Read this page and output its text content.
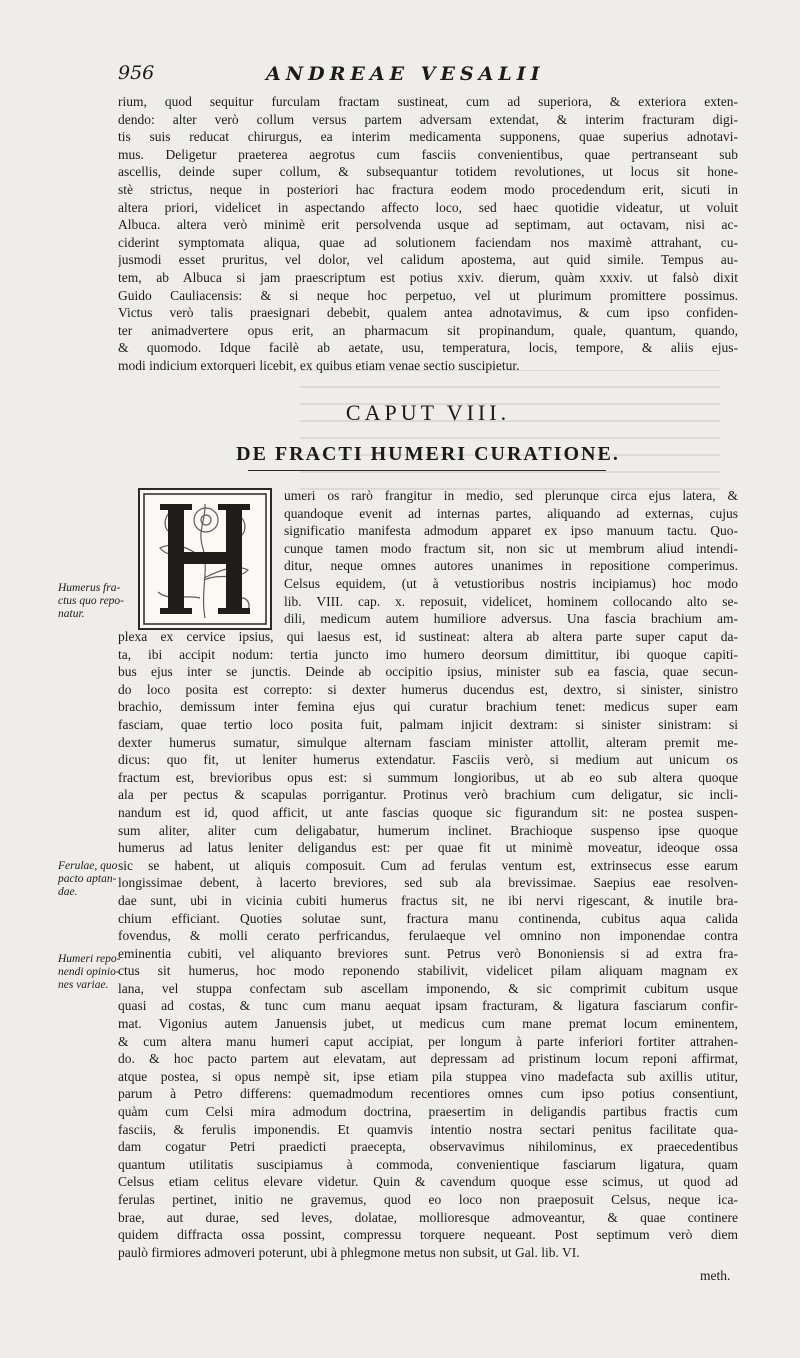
956	ANDREAE VESALII
rium, quod sequitur furculam fractam sustineat, cum ad superiora, & exteriora exten-
dendo: alter verò collum versus partem adversam extendat, & interim fracturam digi-
tis suis reducat chirurgus, ea interim medicamenta supponens, quae superius adnotavi-
mus. Deligetur praeterea aegrotus cum fasciis convenientibus, quae pertranseant sub
ascellis, deinde super collum, & subsequantur totidem revolutiones, ut locus sit hone-
stè strictus, neque in posteriori hac fractura eodem modo procedendum erit, sicuti in
altera priori, videlicet in aspectando affecto loco, sed haec quotidie videatur, ut voluit
Albuca. altera verò minimè erit persolvenda usque ad septimam, aut octavam, nisi ac-
ciderint symptomata aliqua, quae ad solutionem faciendam nos maximè attrahant, cu-
jusmodi esset pruritus, vel dolor, vel calidum apostema, aut quid simile. Tempus au-
tem, ab Albuca si jam praescriptum est potius xxiv. dierum, quàm xxxiv. ut falsò dixit
Guido Cauliacensis: & si neque hoc perpetuo, vel ut plurimum promittere possimus.
Victus verò talis praesignari debebit, qualem antea adnotavimus, & cum ipso confiden-
ter animadvertere opus erit, an pharmacum sit propinandum, quale, quantum, quando,
& quomodo. Idque facilè ab aetate, usu, temperatura, locis, tempore, & aliis ejus-
modi indicium extorqueri licebit, ex quibus etiam venae sectio suscipietur.
CAPUT VIII.
DE FRACTI HUMERI CURATIONE.
H
umeri os rarò frangitur in medio, sed plerunque circa ejus latera, &
quandoque evenit ad internas partes, aliquando ad externas, cujus
significatio manifesta admodum apparet ex ipso manuum tactu. Quo-
cunque tamen modo fractum sit, non sic ut membrum aliud intendi-
ditur, neque omnes autores unanimes in repositione comperimus.
Celsus equidem, (ut à vetustioribus nostris incipiamus) hoc modo
lib. VIII. cap. x. reposuit, videlicet, hominem collocando alto se-
dili, medicum autem humiliore adversus. Una fascia brachium am-
plexa ex cervice ipsius, qui laesus est, id sustineat: altera ab altera parte super caput da-
ta, ibi accipit nodum: tertia juncto imo humero deorsum dimittitur, ibi quoque capiti-
bus ejus inter se junctis. Deinde ab occipitio ipsius, minister sub ea fascia, quae secun-
do loco posita est correpto: si dexter humerus ducendus est, dextro, si sinister, sinistro
brachio, demissum inter femina ejus qui curatur brachium tenet: medicus super eam
fasciam, quae tertio loco posita fuit, palmam injicit dextram: si sinister sinistram: si
dexter humerus sumatur, simulque alternam fasciam minister attollit, alteram premit me-
dicus: quo fit, ut leniter humerus extendatur. Fasciis verò, si medium aut unicum os
fractum est, brevioribus opus est: si summum longioribus, ut ab eo sub altera quoque
ala per pectus & scapulas porrigantur. Protinus verò brachium cum deligatur, sic incli-
nandum est id, quod afficit, ut ante fascias quoque sic figurandum sit: ne postea suspen-
sum aliter, aliter cum deligabatur, humerum inclinet. Brachioque suspenso ipse quoque
humerus ad latus leniter deligandus est: per quae fit ut minimè moveatur, ideoque ossa
sic se habent, ut aliquis composuit. Cum ad ferulas ventum est, extrinsecus esse earum
longissimae debent, à lacerto breviores, sed sub ala brevissimae. Saepius eae resolven-
dae sunt, ubi in vicinia cubiti humerus fractus sit, ne ibi nervi rigescant, & inutile bra-
chium efficiant. Quoties solutae sunt, fractura manu continenda, cubitus aqua calida
fovendus, & molli cerato perfricandus, ferulaeque vel omnino non imponendae contra
eminentia cubiti, vel aliquanto breviores sunt. Petrus verò Bononiensis si ad extra fra-
ctus sit humerus, hoc modo reponendo stabilivit, videlicet pilam aliquam magnam ex
lana, vel stuppa confectam sub ascellam imponendo, & sic comprimit cubitum usque
quasi ad costas, & tunc cum manu aequat ipsam fracturam, & ligatura fasciarum confir-
mat. Vigonius autem Januensis jubet, ut medicus cum mane premat locum eminentem,
& cum altera manu humeri caput accipiat, per longum à parte inferiori fortiter attrahen-
do. & hoc pacto partem aut elevatam, aut depressam ad pristinum locum reponi affirmat,
atque postea, si opus nempè sit, ipse etiam pila stuppea vino madefacta sub axillis utitur,
parum à Petro differens: quemadmodum recentiores omnes cum ipso potius consentiunt,
quàm cum Celsi mira admodum doctrina, praesertim in deligandis partibus fractis cum
fasciis, & ferulis imponendis. Et quamvis intentio nostra sectari penitus facilitate qua-
dam cogatur Petri praedicti praecepta, observavimus nihilominus, ex praecedentibus
quantum utilitatis suscipiamus à commoda, convenientique fasciarum ligatura, quam
Celsus etiam celitus elevare videtur. Quin & cavendum quoque esse scimus, ut quod ad
ferulas pertinet, initio ne gravemus, quod eo loco non praeposuit Celsus, neque ica-
brae, aut durae, sed leves, dolatae, mollioresque admoveantur, & quae continere
quidem diffracta ossa possint, compressu torquere nequeant. Post septimum verò diem
paulò firmiores admoveri poterunt, ubi à phlegmone metus non subsit, ut Gal. lib. VI.
Humerus fra-ctus quo repo-natur.
Ferulae, quo pacto aptan-dae.
Humeri repo-nendi opinio-nes variae.
meth.
